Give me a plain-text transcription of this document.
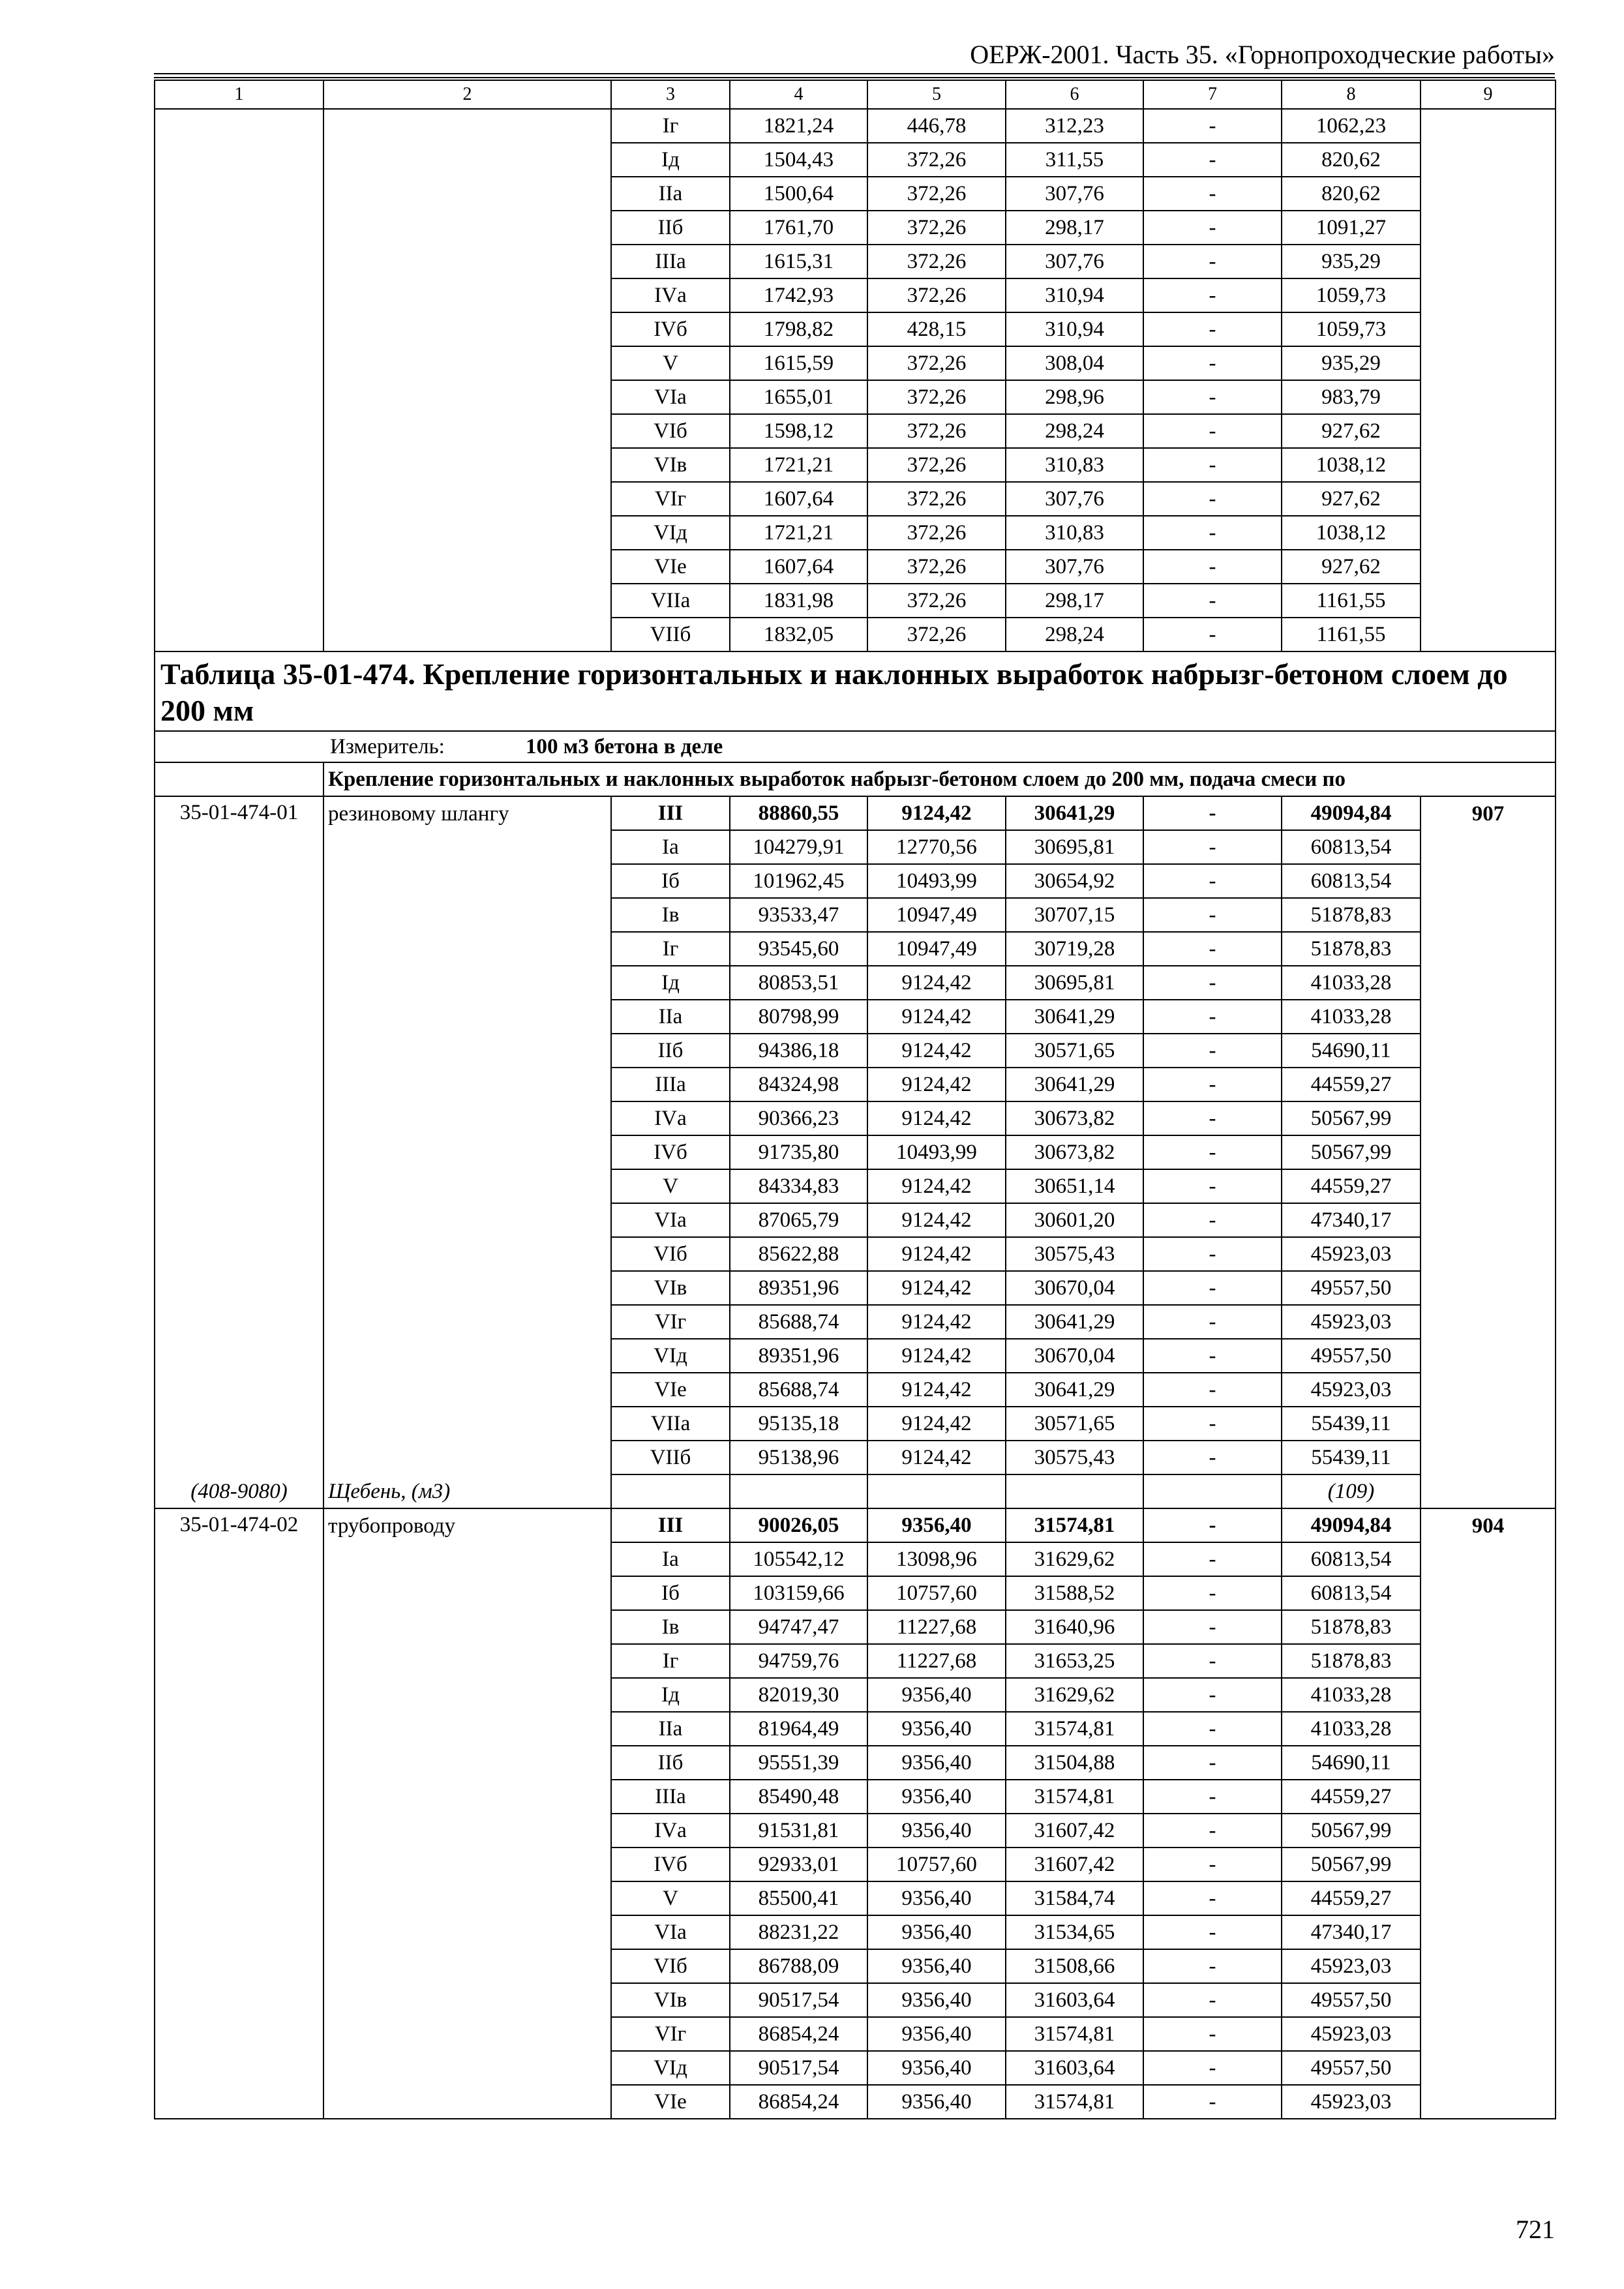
ОЕРЖ-2001. Часть 35. «Горнопроходческие работы»
1	2	3	4	5	6	7	8	9
		Iг	1821,24	446,78	312,23	-	1062,23	
		Iд	1504,43	372,26	311,55	-	820,62	
		IIа	1500,64	372,26	307,76	-	820,62	
		IIб	1761,70	372,26	298,17	-	1091,27	
		IIIа	1615,31	372,26	307,76	-	935,29	
		IVа	1742,93	372,26	310,94	-	1059,73	
		IVб	1798,82	428,15	310,94	-	1059,73	
		V	1615,59	372,26	308,04	-	935,29	
		VIа	1655,01	372,26	298,96	-	983,79	
		VIб	1598,12	372,26	298,24	-	927,62	
		VIв	1721,21	372,26	310,83	-	1038,12	
		VIг	1607,64	372,26	307,76	-	927,62	
		VIд	1721,21	372,26	310,83	-	1038,12	
		VIе	1607,64	372,26	307,76	-	927,62	
		VIIа	1831,98	372,26	298,17	-	1161,55	
		VIIб	1832,05	372,26	298,24	-	1161,55	
Таблица 35-01-474. Крепление горизонтальных и наклонных выработок набрызг-бетоном слоем до 200 мм								
Измеритель: 100 м3 бетона в деле								
	Крепление горизонтальных и наклонных выработок набрызг-бетоном слоем до 200 мм, подача смеси по							
35-01-474-01	резиновому шлангу	III	88860,55	9124,42	30641,29	-	49094,84	907
		Iа	104279,91	12770,56	30695,81	-	60813,54	
		Iб	101962,45	10493,99	30654,92	-	60813,54	
		Iв	93533,47	10947,49	30707,15	-	51878,83	
		Iг	93545,60	10947,49	30719,28	-	51878,83	
		Iд	80853,51	9124,42	30695,81	-	41033,28	
		IIа	80798,99	9124,42	30641,29	-	41033,28	
		IIб	94386,18	9124,42	30571,65	-	54690,11	
		IIIа	84324,98	9124,42	30641,29	-	44559,27	
		IVа	90366,23	9124,42	30673,82	-	50567,99	
		IVб	91735,80	10493,99	30673,82	-	50567,99	
		V	84334,83	9124,42	30651,14	-	44559,27	
		VIа	87065,79	9124,42	30601,20	-	47340,17	
		VIб	85622,88	9124,42	30575,43	-	45923,03	
		VIв	89351,96	9124,42	30670,04	-	49557,50	
		VIг	85688,74	9124,42	30641,29	-	45923,03	
		VIд	89351,96	9124,42	30670,04	-	49557,50	
		VIе	85688,74	9124,42	30641,29	-	45923,03	
		VIIа	95135,18	9124,42	30571,65	-	55439,11	
		VIIб	95138,96	9124,42	30575,43	-	55439,11	
(408-9080)	Щебень, (м3)						(109)	
35-01-474-02	трубопроводу	III	90026,05	9356,40	31574,81	-	49094,84	904
		Iа	105542,12	13098,96	31629,62	-	60813,54	
		Iб	103159,66	10757,60	31588,52	-	60813,54	
		Iв	94747,47	11227,68	31640,96	-	51878,83	
		Iг	94759,76	11227,68	31653,25	-	51878,83	
		Iд	82019,30	9356,40	31629,62	-	41033,28	
		IIа	81964,49	9356,40	31574,81	-	41033,28	
		IIб	95551,39	9356,40	31504,88	-	54690,11	
		IIIа	85490,48	9356,40	31574,81	-	44559,27	
		IVа	91531,81	9356,40	31607,42	-	50567,99	
		IVб	92933,01	10757,60	31607,42	-	50567,99	
		V	85500,41	9356,40	31584,74	-	44559,27	
		VIа	88231,22	9356,40	31534,65	-	47340,17	
		VIб	86788,09	9356,40	31508,66	-	45923,03	
		VIв	90517,54	9356,40	31603,64	-	49557,50	
		VIг	86854,24	9356,40	31574,81	-	45923,03	
		VIд	90517,54	9356,40	31603,64	-	49557,50	
		VIе	86854,24	9356,40	31574,81	-	45923,03	
721
